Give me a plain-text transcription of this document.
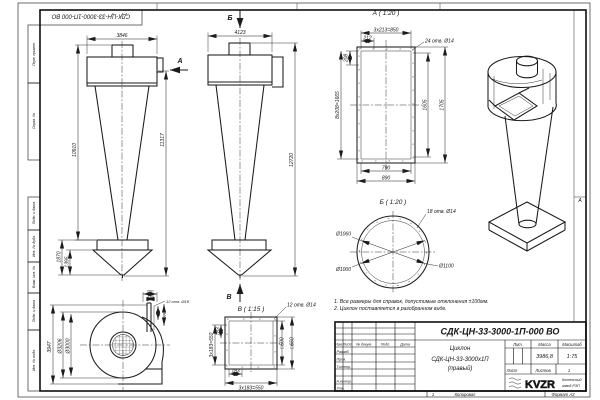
А
Перв. примен.
Справ. №
Подп. и дата
Инв. № дубл.
Взам. инв. №
Подп. и дата
Инв. № подл.
СДК-ЦН-33-3000-1П-000 ВО
3846
10910
11317
1870 1395
А
Б
4123
12720
В
А ( 1:20 )
212
3x213=850
24 отв. Ø14
208
8x208=1665	1605 1705
790
890
Б ( 1:20 )
18 отв. Ø14
Ø1060
Ø1100
Ø1000
В ( 1:15 )
3x183=550
183
12 отв. Ø14
□500 □660
183
3x183=550
200
140
12 отв. Ø18
140 270
3947 Ø3206 Ø3000
1. Все размеры для справок, допустимые отклонения ±100мм.
2. Циклон поставляется в разобранном виде.
Изм. Лист № докум. Подп.	Дата
Разраб.
Пров.
Т.контр.
Н.контр.
Утв.
СДК-ЦН-33-3000-1П-000 ВО
Циклон
СДК-ЦН-33-3000х1П
(правый)
Лит.	Масса	Масштаб
3986,8 1:75
Лист	Листов	1
KVZR Котельный
завод РЭП
1	Копировал	Формат А3
